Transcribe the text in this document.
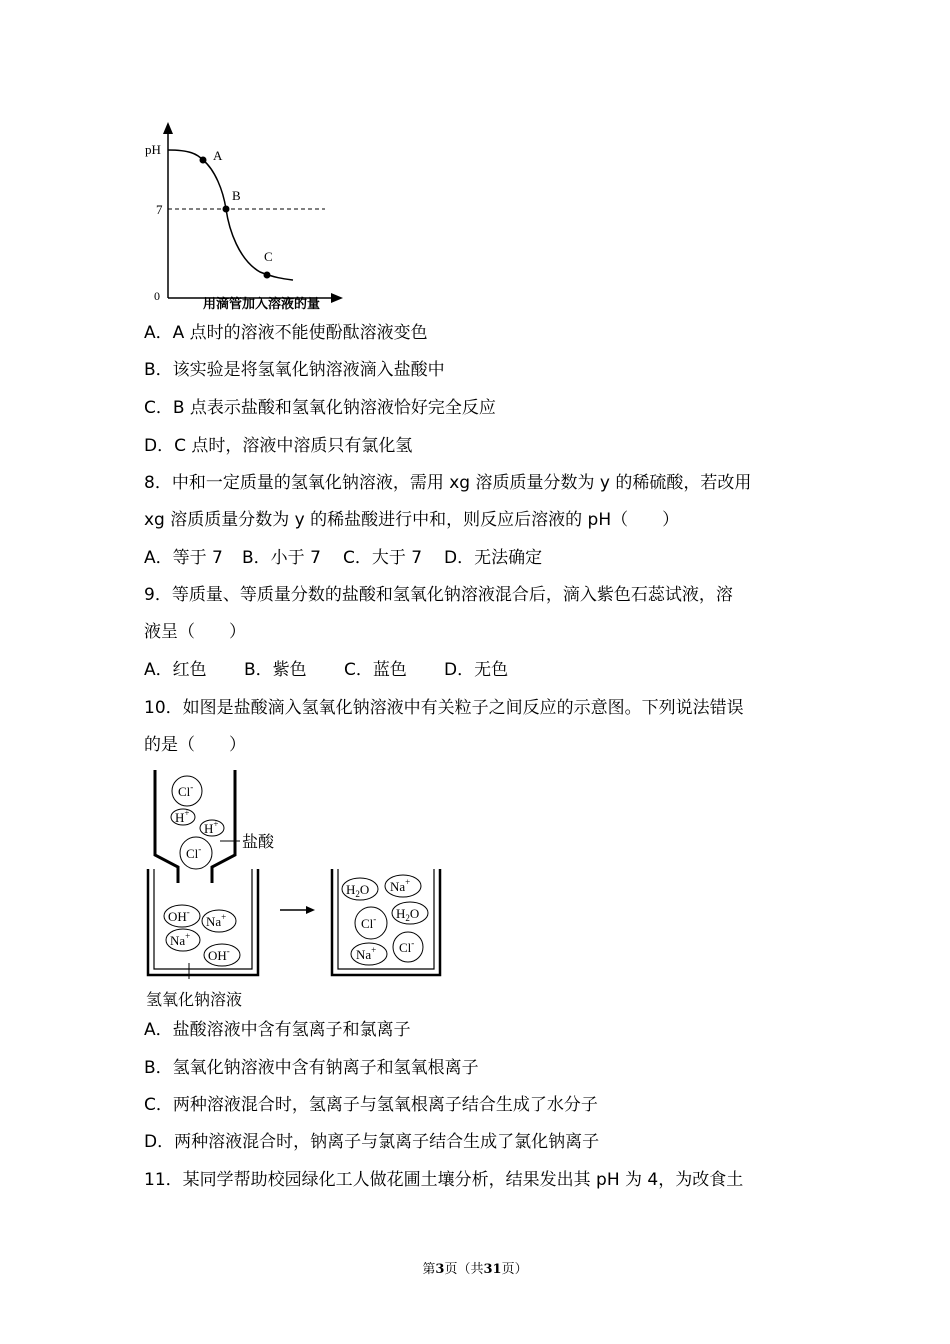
pH
7
0
A
B
C
用滴管加入溶液的量
A．A 点时的溶液不能使酚酞溶液变色
B．该实验是将氢氧化钠溶液滴入盐酸中
C．B 点表示盐酸和氢氧化钠溶液恰好完全反应
D．C 点时，溶液中溶质只有氯化氢
8．中和一定质量的氢氧化钠溶液，需用 xg 溶质质量分数为 y 的稀硫酸，若改用
xg 溶质质量分数为 y 的稀盐酸进行中和，则反应后溶液的 pH（　　）
A．等于 7 B．小于 7 C．大于 7 D．无法确定
9．等质量、等质量分数的盐酸和氢氧化钠溶液混合后，滴入紫色石蕊试液，溶
液呈（　　）
A．红色 B．紫色 C．蓝色 D．无色
10．如图是盐酸滴入氢氧化钠溶液中有关粒子之间反应的示意图。下列说法错误
的是（　　）
Cl-
H+
H+
Cl-
OH-
Na+
Na+
OH-
$H_2O$ Na+
Cl- $H_2O$
Na+ Cl-
盐酸
氢氧化钠溶液
A．盐酸溶液中含有氢离子和氯离子
B．氢氧化钠溶液中含有钠离子和氢氧根离子
C．两种溶液混合时，氢离子与氢氧根离子结合生成了水分子
D．两种溶液混合时，钠离子与氯离子结合生成了氯化钠离子
11．某同学帮助校园绿化工人做花圃土壤分析，结果发出其 pH 为 4，为改食土
第3页（共31页）
